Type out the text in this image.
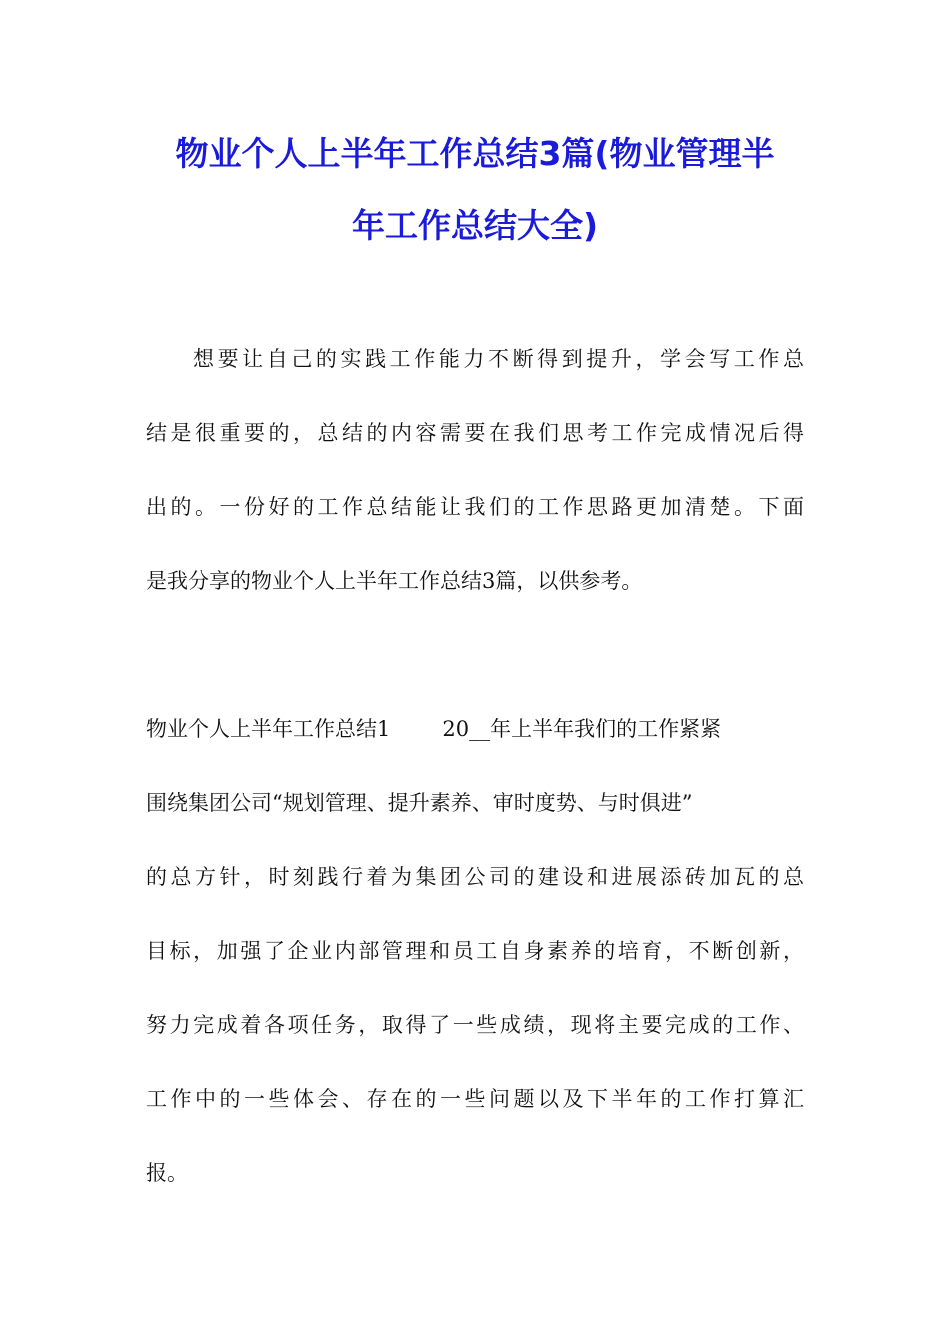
物业个人上半年工作总结3篇(物业管理半
年工作总结大全)

想要让自己的实践工作能力不断得到提升，学会写工作总

结是很重要的，总结的内容需要在我们思考工作完成情况后得

出的。一份好的工作总结能让我们的工作思路更加清楚。下面

是我分享的物业个人上半年工作总结3篇，以供参考。

物业个人上半年工作总结1 20__年上半年我们的工作紧紧

围绕集团公司“规划管理、提升素养、审时度势、与时俱进”

的总方针，时刻践行着为集团公司的建设和进展添砖加瓦的总

目标，加强了企业内部管理和员工自身素养的培育，不断创新，

努力完成着各项任务，取得了一些成绩，现将主要完成的工作、

工作中的一些体会、存在的一些问题以及下半年的工作打算汇

报。
